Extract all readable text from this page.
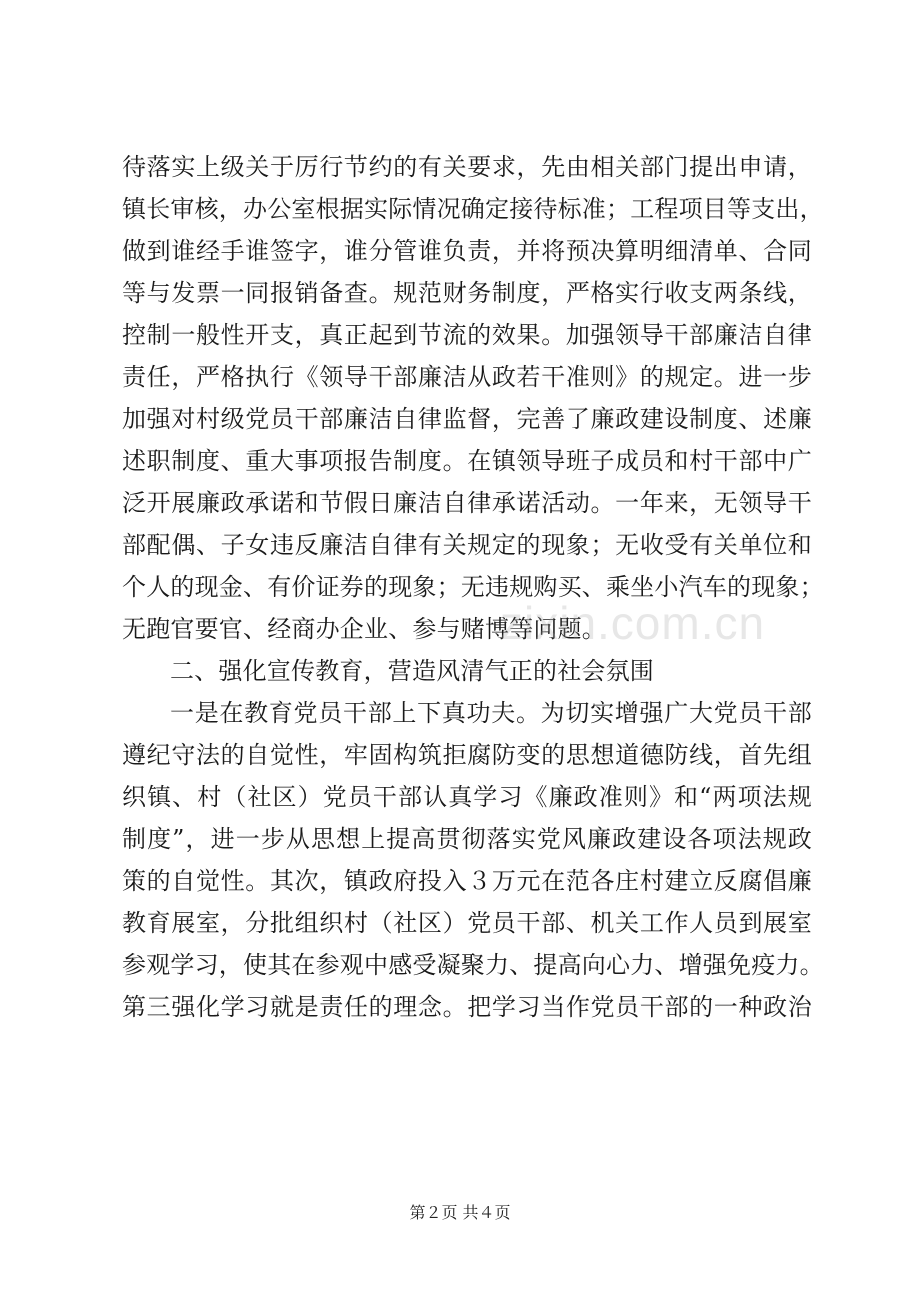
待落实上级关于厉行节约的有关要求，先由相关部门提出申请，
镇长审核，办公室根据实际情况确定接待标准；工程项目等支出，
做到谁经手谁签字，谁分管谁负责，并将预决算明细清单、合同
等与发票一同报销备查。规范财务制度，严格实行收支两条线，
控制一般性开支，真正起到节流的效果。加强领导干部廉洁自律
责任，严格执行《领导干部廉洁从政若干准则》的规定。进一步
加强对村级党员干部廉洁自律监督，完善了廉政建设制度、述廉
述职制度、重大事项报告制度。在镇领导班子成员和村干部中广
泛开展廉政承诺和节假日廉洁自律承诺活动。一年来，无领导干
部配偶、子女违反廉洁自律有关规定的现象；无收受有关单位和
个人的现金、有价证券的现象；无违规购买、乘坐小汽车的现象；
无跑官要官、经商办企业、参与赌博等问题。
二、强化宣传教育，营造风清气正的社会氛围
一是在教育党员干部上下真功夫。为切实增强广大党员干部
遵纪守法的自觉性，牢固构筑拒腐防变的思想道德防线，首先组
织镇、村（社区）党员干部认真学习《廉政准则》和“两项法规
制度”，进一步从思想上提高贯彻落实党风廉政建设各项法规政
策的自觉性。其次，镇政府投入３万元在范各庄村建立反腐倡廉
教育展室，分批组织村（社区）党员干部、机关工作人员到展室
参观学习，使其在参观中感受凝聚力、提高向心力、增强免疫力。
第三强化学习就是责任的理念。把学习当作党员干部的一种政治
zixin.com.cn
第２页 共４页
